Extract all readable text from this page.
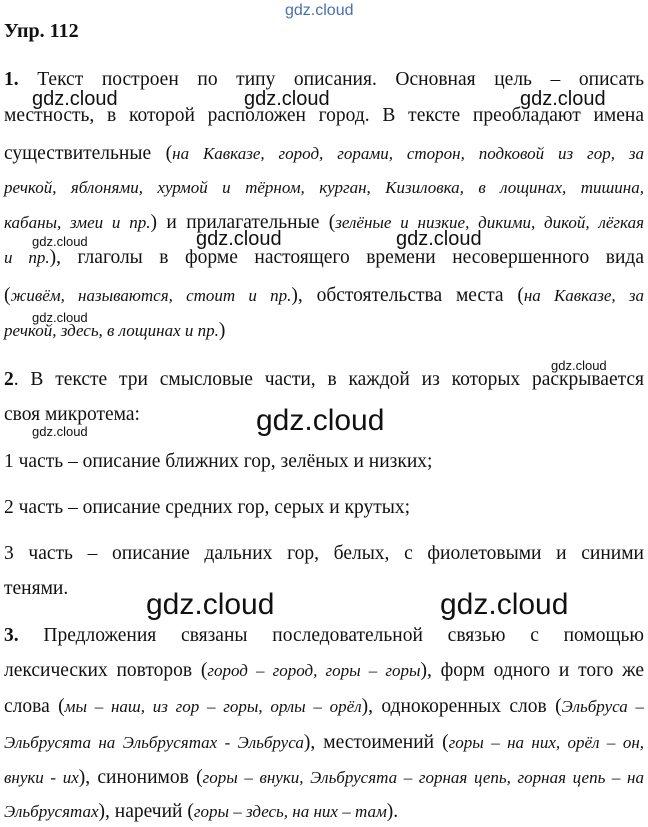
gdz.cloud
Упр. 112
1. Текст построен по типу описания. Основная цель – описать
местность, в которой расположен город. В тексте преобладают имена
существительные (на Кавказе, город, горами, сторон, подковой из гор, за
речкой, яблонями, хурмой и тёрном, курган, Кизиловка, в лощинах, тишина,
кабаны, змеи и пр.) и прилагательные (зелёные и низкие, дикими, дикой, лёгкая
и пр.), глаголы в форме настоящего времени несовершенного вида
(живём, называются, стоит и пр.), обстоятельства места (на Кавказе, за
речкой, здесь, в лощинах и пр.)
2. В тексте три смысловые части, в каждой из которых раскрывается
своя микротема:
1 часть – описание ближних гор, зелёных и низких;
2 часть – описание средних гор, серых и крутых;
3 часть – описание дальних гор, белых, с фиолетовыми и синими
тенями.
3. Предложения связаны последовательной связью с помощью
лексических повторов (город – город, горы – горы), форм одного и того же
слова (мы – наш, из гор – горы, орлы – орёл), однокоренных слов (Эльбруса –
Эльбрусята на Эльбрусятах - Эльбруса), местоимений (горы – на них, орёл – он,
внуки - их), синонимов (горы – внуки, Эльбрусята – горная цепь, горная цепь – на
Эльбрусятах), наречий (горы – здесь, на них – там).
gdz.cloud	gdz.cloud	gdz.cloud
gdz.cloud	gdz.cloud	gdz.cloud
gdz.cloud
gdz.cloud
gdz.cloud
gdz.cloud
gdz.cloud	gdz.cloud
